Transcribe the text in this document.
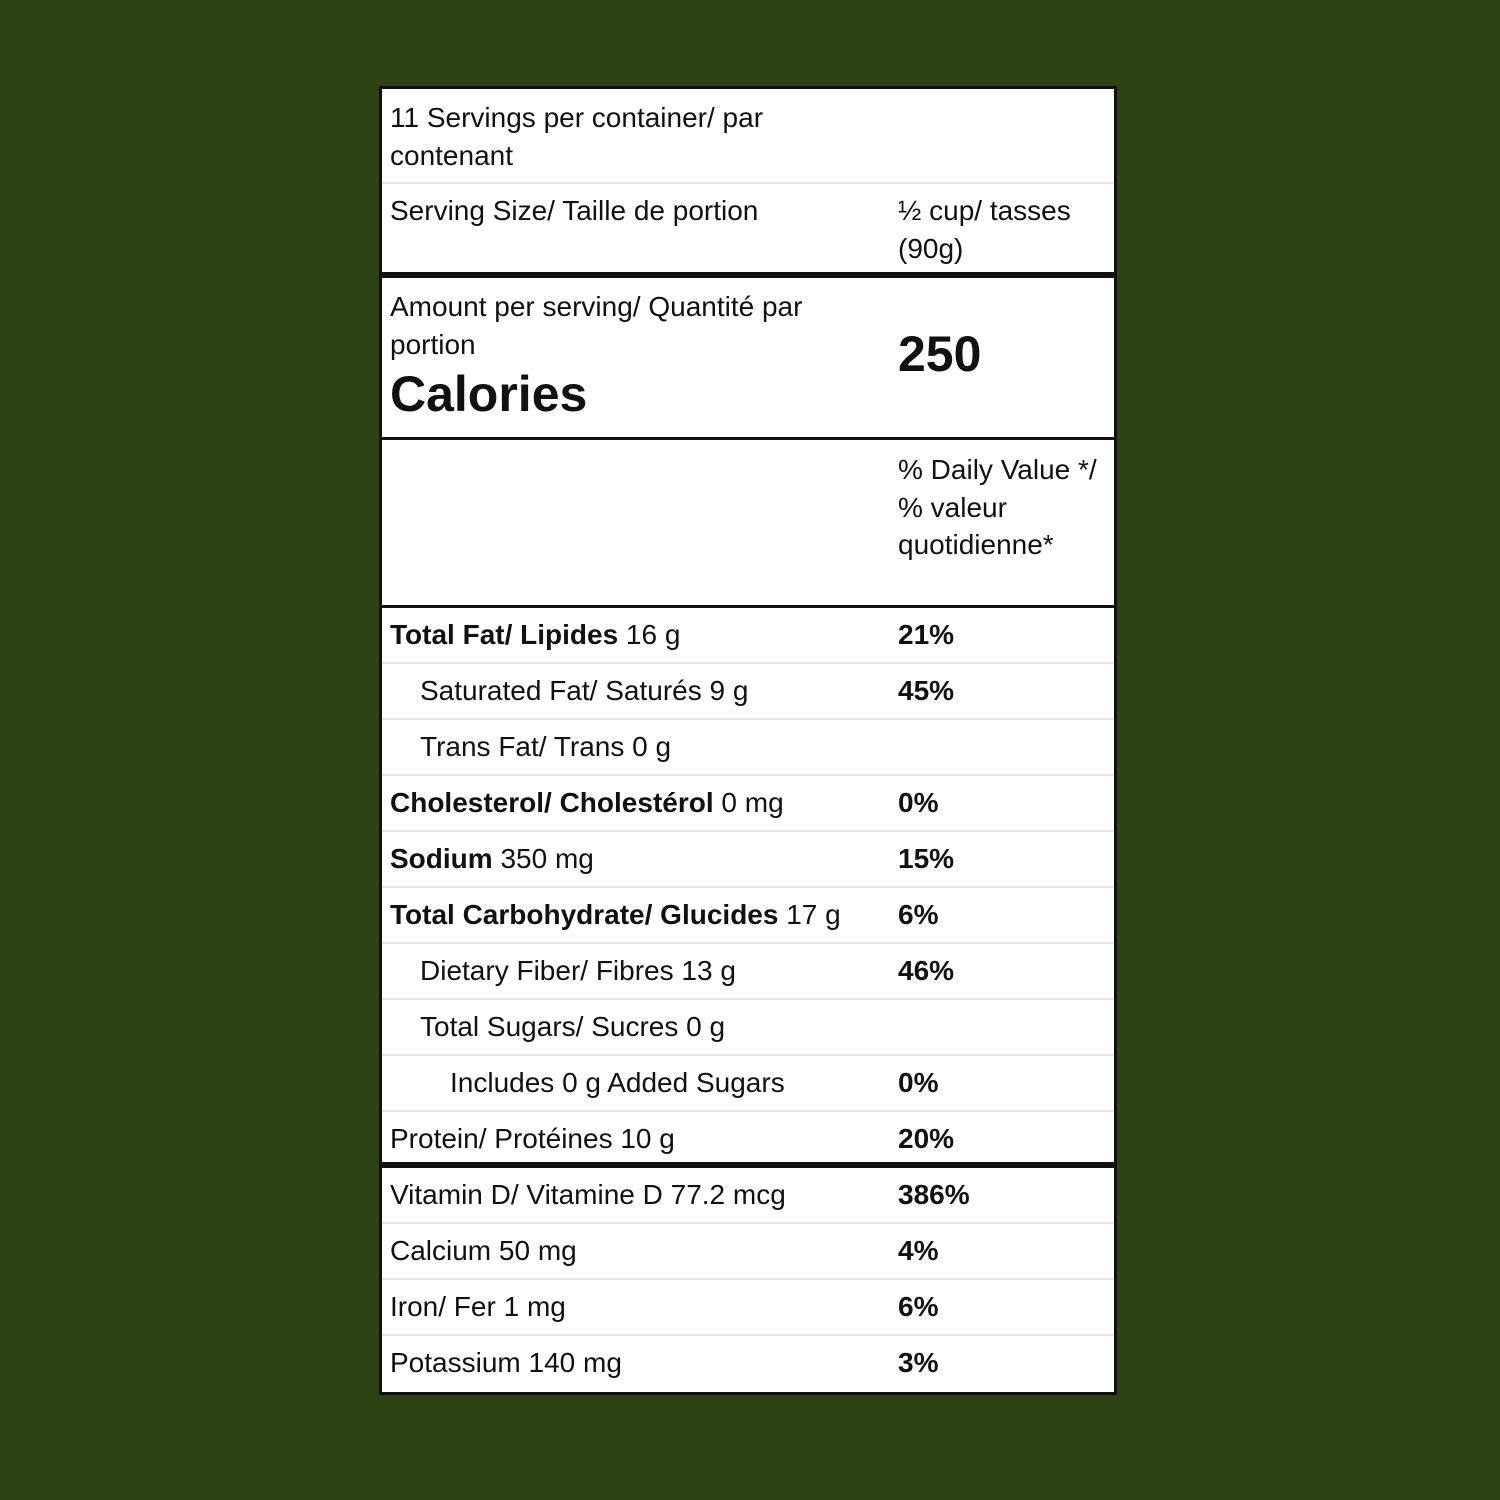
11 Servings per container/ par contenant
Serving Size/ Taille de portion	½ cup/ tasses (90g)
Amount per serving/ Quantité par portion
Calories
250
% Daily Value */
% valeur quotidienne*
Total Fat/ Lipides 16 g	21%
Saturated Fat/ Saturés 9 g	45%
Trans Fat/ Trans 0 g
Cholesterol/ Cholestérol 0 mg	0%
Sodium 350 mg	15%
Total Carbohydrate/ Glucides 17 g	6%
Dietary Fiber/ Fibres 13 g	46%
Total Sugars/ Sucres 0 g
Includes 0 g Added Sugars	0%
Protein/ Protéines 10 g	20%
Vitamin D/ Vitamine D 77.2 mcg	386%
Calcium 50 mg	4%
Iron/ Fer 1 mg	6%
Potassium 140 mg	3%
